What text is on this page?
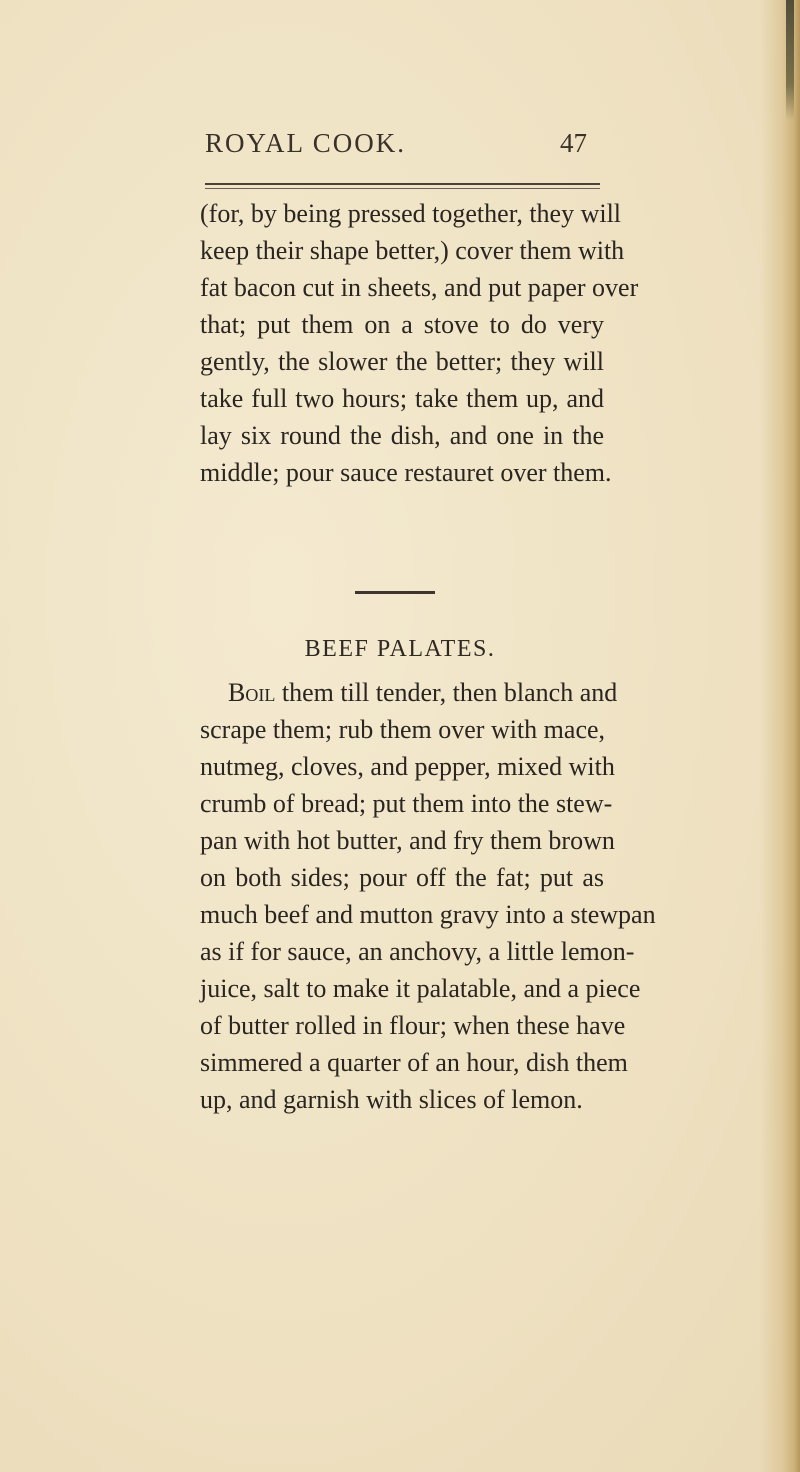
ROYAL COOK.	47
(for, by being pressed together, they will
keep their shape better,) cover them with
fat bacon cut in sheets, and put paper over
that; put them on a stove to do very
gently, the slower the better; they will
take full two hours; take them up, and
lay six round the dish, and one in the
middle; pour sauce restauret over them.
BEEF PALATES.
Boil them till tender, then blanch and
scrape them; rub them over with mace,
nutmeg, cloves, and pepper, mixed with
crumb of bread; put them into the stew-
pan with hot butter, and fry them brown
on both sides; pour off the fat; put as
much beef and mutton gravy into a stewpan
as if for sauce, an anchovy, a little lemon-
juice, salt to make it palatable, and a piece
of butter rolled in flour; when these have
simmered a quarter of an hour, dish them
up, and garnish with slices of lemon.
